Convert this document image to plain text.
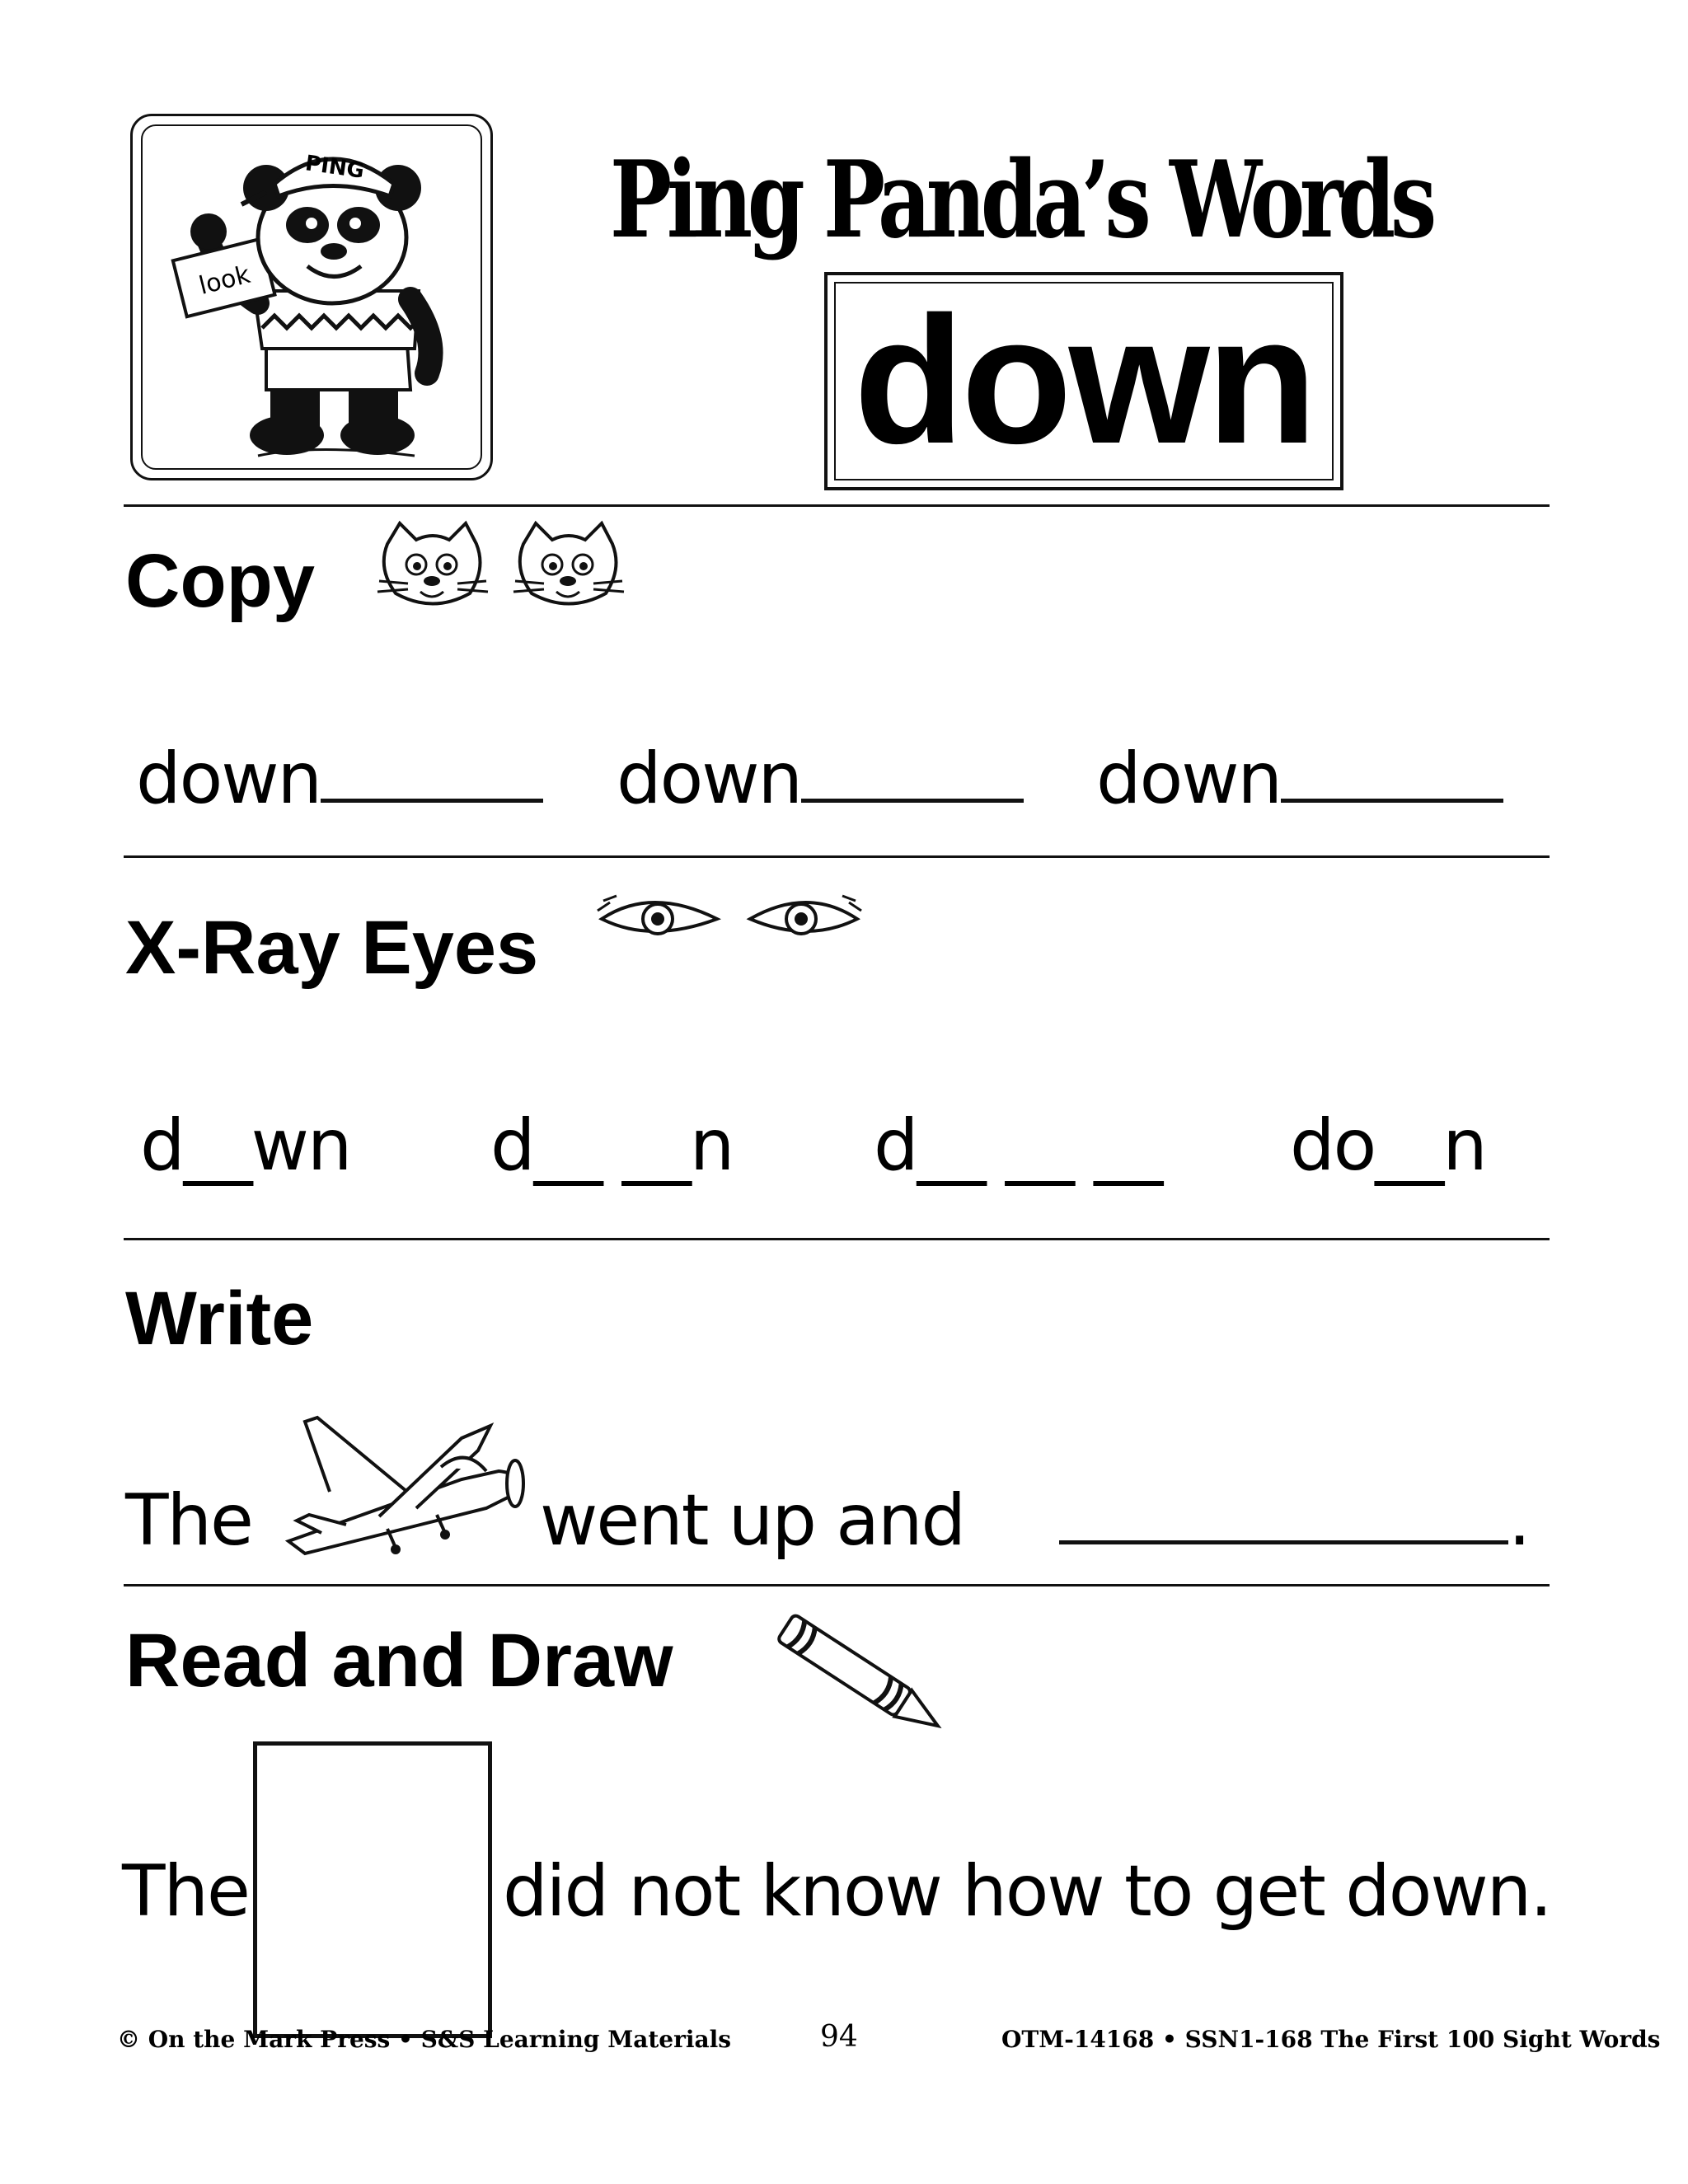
look
PING Ping Panda’s Words
down
Copy
down	down	down
X-Ray Eyes
d__wn d__ __n d__ __ __ do__n
Write
The	went up and	.
Read and Draw
The	did not know how to get down.
© On the Mark Press • S&S Learning Materials	94	OTM-14168 • SSN1-168 The First 100 Sight Words
